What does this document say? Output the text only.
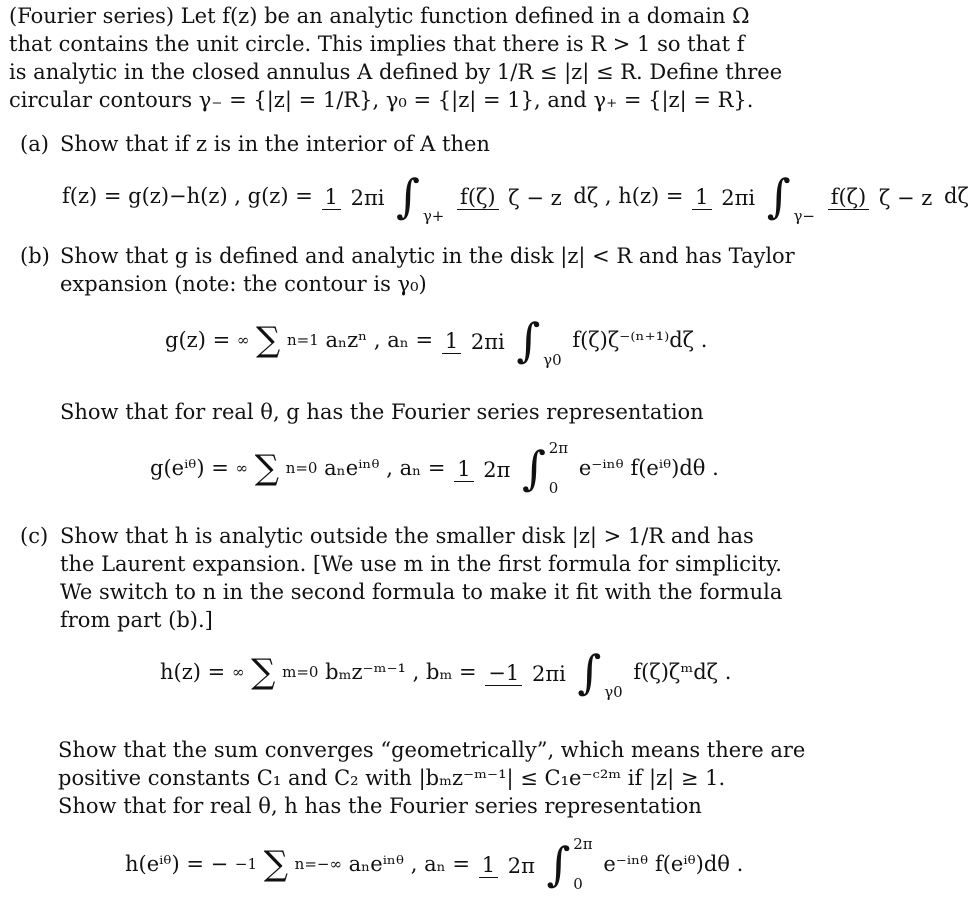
(Fourier series) Let f(z) be an analytic function defined in a domain Ω
that contains the unit circle. This implies that there is R > 1 so that f
is analytic in the closed annulus A defined by 1/R ≤ |z| ≤ R. Define three
circular contours γ₋ = {|z| = 1/R}, γ₀ = {|z| = 1}, and γ₊ = {|z| = R}.
(a) Show that if z is in the interior of A then
f(z) = g(z)−h(z) , g(z) = 1 2πi ∫ γ+
f(ζ) ζ − z dζ , h(z) = 1 2πi ∫ γ−
f(ζ) ζ − z dζ
(b) Show that g is defined and analytic in the disk |z| < R and has Taylor
expansion (note: the contour is γ₀)
g(z) = ∞ ∑ n=1 aₙzⁿ , aₙ = 1 2πi ∫ γ0
f(ζ)ζ⁻⁽ⁿ⁺¹⁾dζ .
Show that for real θ, g has the Fourier series representation
g(eⁱᶿ) = ∞ ∑ n=0 aₙeⁱⁿᶿ , aₙ = 1 2π ∫ 2π
0
e⁻ⁱⁿᶿ f(eⁱᶿ)dθ .
(c) Show that h is analytic outside the smaller disk |z| > 1/R and has
the Laurent expansion. [We use m in the first formula for simplicity.
We switch to n in the second formula to make it fit with the formula
from part (b).]
h(z) = ∞ ∑ m=0 bₘz⁻ᵐ⁻¹ , bₘ = −1 2πi ∫ γ0
f(ζ)ζᵐdζ .
Show that the sum converges “geometrically”, which means there are
positive constants C₁ and C₂ with |bₘz⁻ᵐ⁻¹| ≤ C₁e⁻ᶜ²ᵐ if |z| ≥ 1.
Show that for real θ, h has the Fourier series representation
h(eⁱᶿ) = − −1 ∑ n=−∞ aₙeⁱⁿᶿ , aₙ = 1 2π ∫ 2π
0
e⁻ⁱⁿᶿ f(eⁱᶿ)dθ .
